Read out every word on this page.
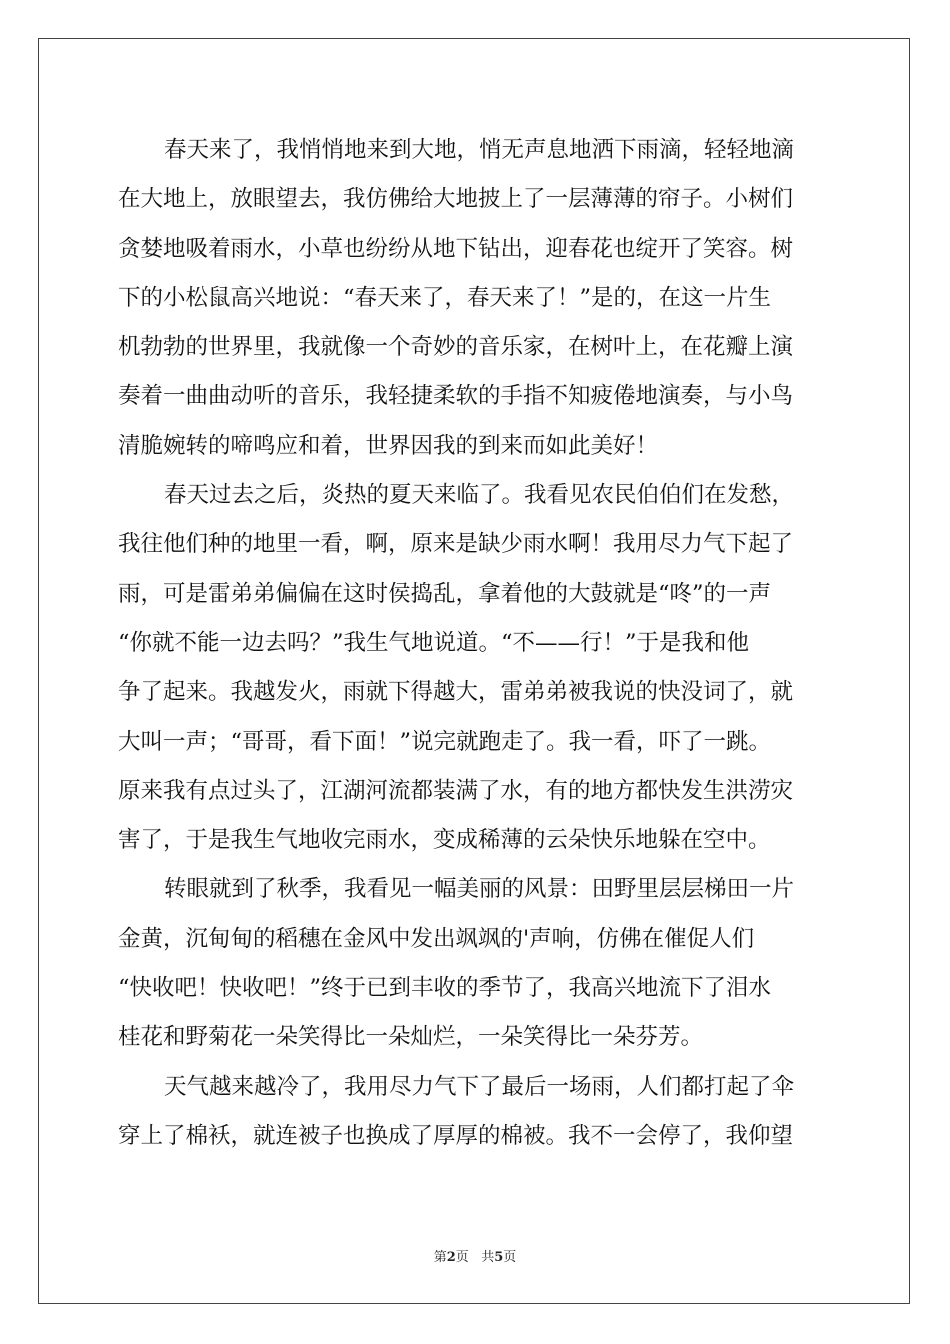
春天来了，我悄悄地来到大地，悄无声息地洒下雨滴，轻轻地滴
在大地上，放眼望去，我仿佛给大地披上了一层薄薄的帘子。小树们
贪婪地吸着雨水，小草也纷纷从地下钻出，迎春花也绽开了笑容。树
下的小松鼠高兴地说：“春天来了，春天来了！”是的，在这一片生
机勃勃的世界里，我就像一个奇妙的音乐家，在树叶上，在花瓣上演
奏着一曲曲动听的音乐，我轻捷柔软的手指不知疲倦地演奏，与小鸟
清脆婉转的啼鸣应和着，世界因我的到来而如此美好！
春天过去之后，炎热的夏天来临了。我看见农民伯伯们在发愁，
我往他们种的地里一看，啊，原来是缺少雨水啊！我用尽力气下起了
雨，可是雷弟弟偏偏在这时侯捣乱，拿着他的大鼓就是“咚”的一声
“你就不能一边去吗？”我生气地说道。“不——行！”于是我和他
争了起来。我越发火，雨就下得越大，雷弟弟被我说的快没词了，就
大叫一声；“哥哥，看下面！”说完就跑走了。我一看，吓了一跳。
原来我有点过头了，江湖河流都装满了水，有的地方都快发生洪涝灾
害了，于是我生气地收完雨水，变成稀薄的云朵快乐地躲在空中。
转眼就到了秋季，我看见一幅美丽的风景：田野里层层梯田一片
金黄，沉甸甸的稻穗在金风中发出飒飒的'声响，仿佛在催促人们
“快收吧！快收吧！”终于已到丰收的季节了，我高兴地流下了泪水
桂花和野菊花一朵笑得比一朵灿烂，一朵笑得比一朵芬芳。
天气越来越冷了，我用尽力气下了最后一场雨，人们都打起了伞
穿上了棉袄，就连被子也换成了厚厚的棉被。我不一会停了，我仰望
第2页 共5页
